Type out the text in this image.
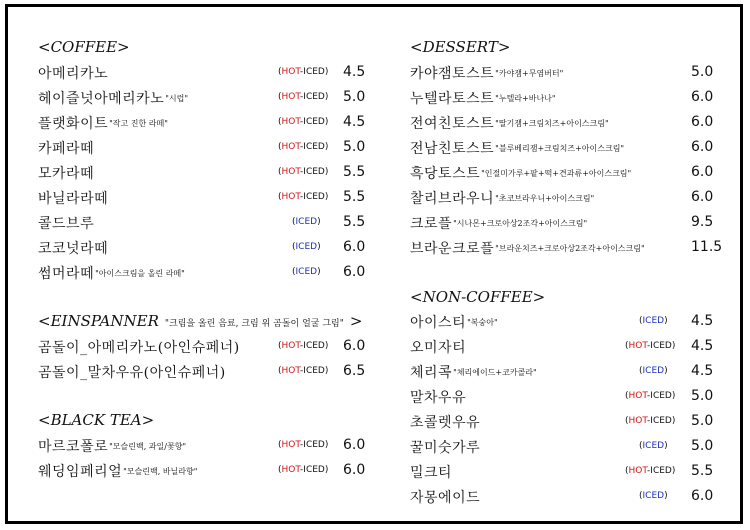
<COFFEE>
아메리카노	(HOT-ICED) 4.5
헤이즐넛아메리카노"시럽"	(HOT-ICED) 5.0
플랫화이트"작고 진한 라떼"	(HOT-ICED) 4.5
카페라떼	(HOT-ICED) 5.0
모카라떼	(HOT-ICED) 5.5
바닐라라떼	(HOT-ICED) 5.5
콜드브루	(ICED) 5.5
코코넛라떼	(ICED) 6.0
썸머라떼"아이스크림을 올린 라떼"	(ICED) 6.0
<EINSPANNER "크림을 올린 음료, 크림 위 곰돌이 얼굴 그림" >
곰돌이_아메리카노(아인슈페너)	(HOT-ICED) 6.0
곰돌이_말차우유(아인슈페너)	(HOT-ICED) 6.5
<BLACK TEA>
마르코폴로"모슬린백, 과일/꽃향"	(HOT-ICED) 6.0
웨딩임페리얼"모슬린백, 바닐라향"	(HOT-ICED) 6.0
<DESSERT>
카야잼토스트"카야잼+무염버터"	5.0
누텔라토스트"누텔라+바나나"	6.0
전여친토스트"딸기잼+크림치즈+아이스크림"	6.0
전남친토스트"블루베리잼+크림치즈+아이스크림"	6.0
흑당토스트"인절미가루+팥+떡+견과류+아이스크림"	6.0
찰리브라우니"초코브라우니+아이스크림"	6.0
크로플"시나몬+크로아상2조각+아이스크림"	9.5
브라운크로플"브라운치즈+크로아상2조각+아이스크림"	11.5
<NON-COFFEE>
아이스티"복숭아"	(ICED) 4.5
오미자티	(HOT-ICED) 4.5
체리콕"체리에이드+코카콜라"	(ICED) 4.5
말차우유	(HOT-ICED) 5.0
초콜렛우유	(HOT-ICED) 5.0
꿀미숫가루	(ICED) 5.0
밀크티	(HOT-ICED) 5.5
자몽에이드	(ICED) 6.0
